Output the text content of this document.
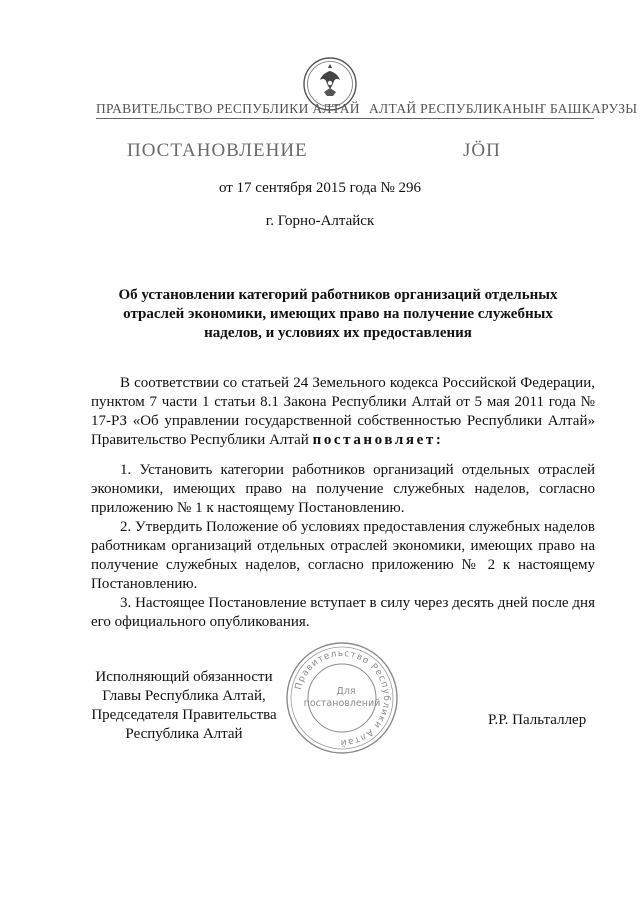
ПРАВИТЕЛЬСТВО РЕСПУБЛИКИ АЛТАЙ АЛТАЙ РЕСПУБЛИКАНЫҤ БАШКАРУЗЫ
ПОСТАНОВЛЕНИЕ	ЈӦП
от 17 сентября 2015 года № 296
г. Горно-Алтайск
Об установлении категорий работников организаций отдельных отраслей экономики, имеющих право на получение служебных наделов, и условиях их предоставления
В соответствии со статьей 24 Земельного кодекса Российской Федерации, пунктом 7 части 1 статьи 8.1 Закона Республики Алтай от 5 мая 2011 года № 17-РЗ «Об управлении государственной собственностью Республики Алтай» Правительство Республики Алтай постановляет:

1. Установить категории работников организаций отдельных отраслей экономики, имеющих право на получение служебных наделов, согласно приложению № 1 к настоящему Постановлению.

2. Утвердить Положение об условиях предоставления служебных наделов работникам организаций отдельных отраслей экономики, имеющих право на получение служебных наделов, согласно приложению № 2 к настоящему Постановлению.

3. Настоящее Постановление вступает в силу через десять дней после дня его официального опубликования.

Исполняющий обязанности
Главы Республика Алтай,
Председателя Правительства
Республика Алтай
Правительство Республики Алтай
Для
постановлений
Р.Р. Пальталлер
